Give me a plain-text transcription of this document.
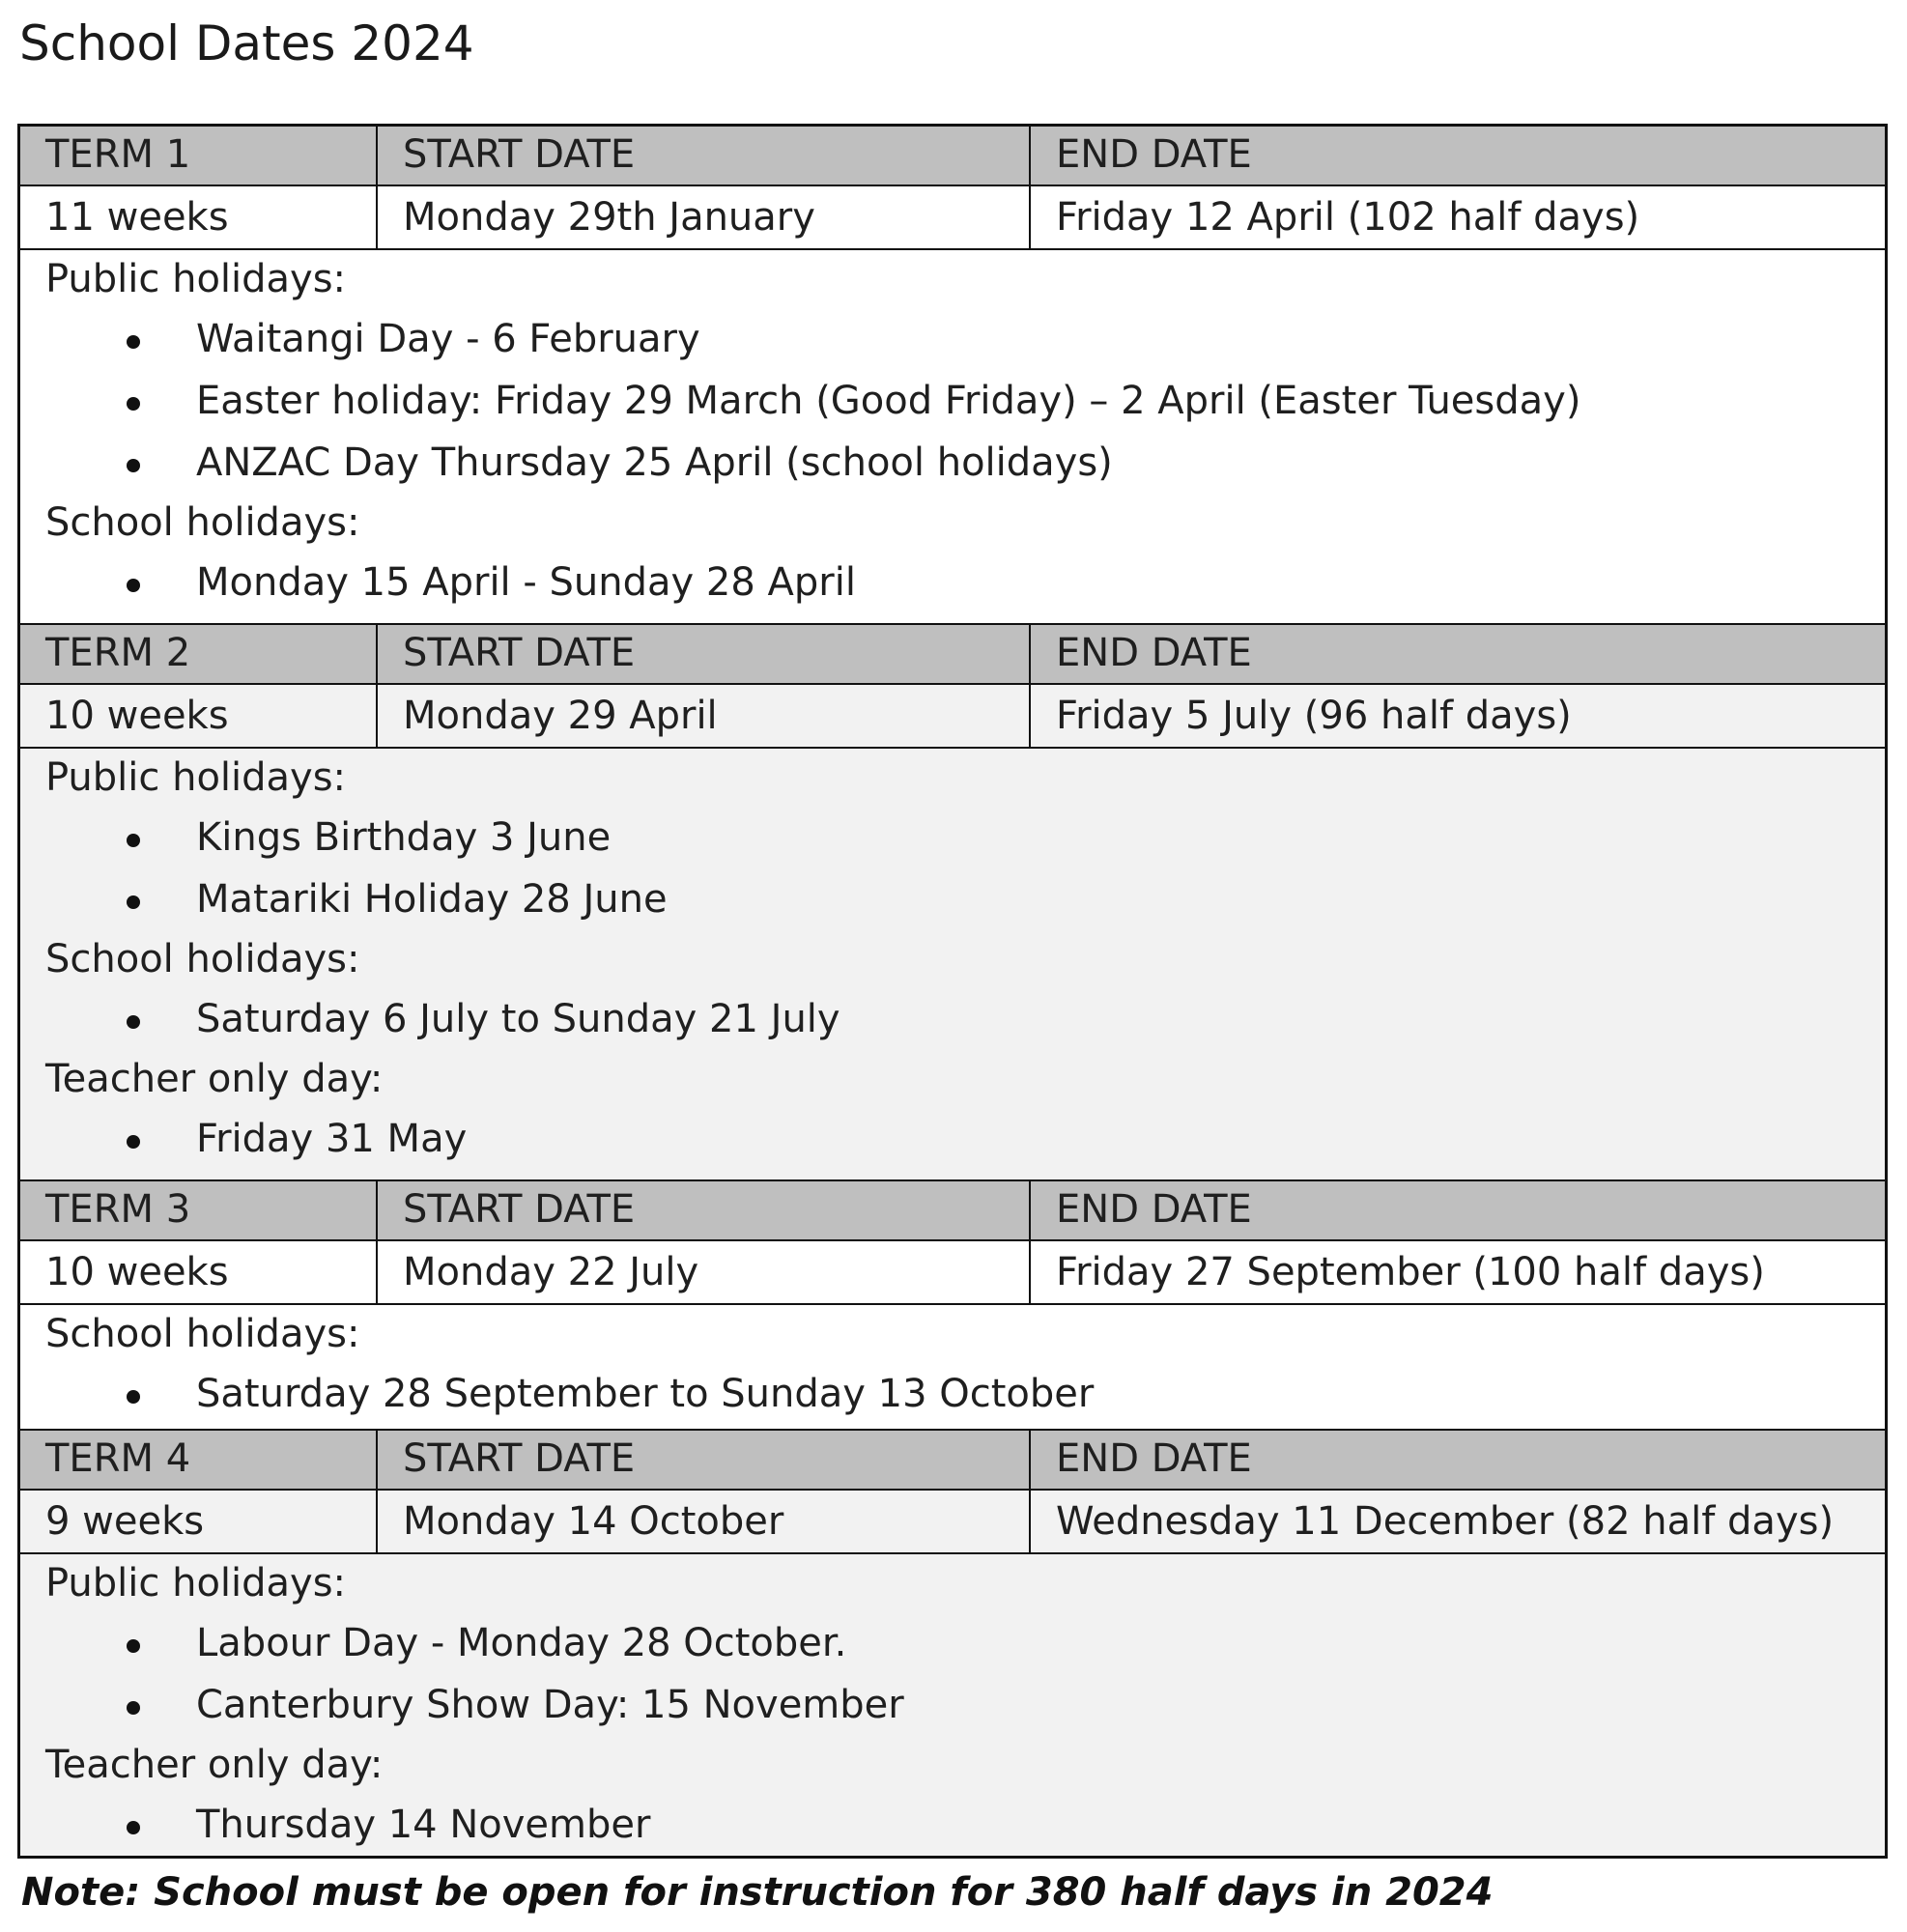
School Dates 2024
TERM 1	START DATE	END DATE
11 weeks	Monday 29th January	Friday 12 April (102 half days)
Public holidays:
Waitangi Day - 6 February
Easter holiday: Friday 29 March (Good Friday) – 2 April (Easter Tuesday)
ANZAC Day Thursday 25 April (school holidays)
School holidays:
Monday 15 April - Sunday 28 April
TERM 2	START DATE	END DATE
10 weeks	Monday 29 April	Friday 5 July (96 half days)
Public holidays:
Kings Birthday 3 June
Matariki Holiday 28 June
School holidays:
Saturday 6 July to Sunday 21 July
Teacher only day:
Friday 31 May
TERM 3	START DATE	END DATE
10 weeks	Monday 22 July	Friday 27 September (100 half days)
School holidays:
Saturday 28 September to Sunday 13 October
TERM 4	START DATE	END DATE
9 weeks	Monday 14 October	Wednesday 11 December (82 half days)
Public holidays:
Labour Day - Monday 28 October.
Canterbury Show Day: 15 November
Teacher only day:
Thursday 14 November
Note: School must be open for instruction for 380 half days in 2024
